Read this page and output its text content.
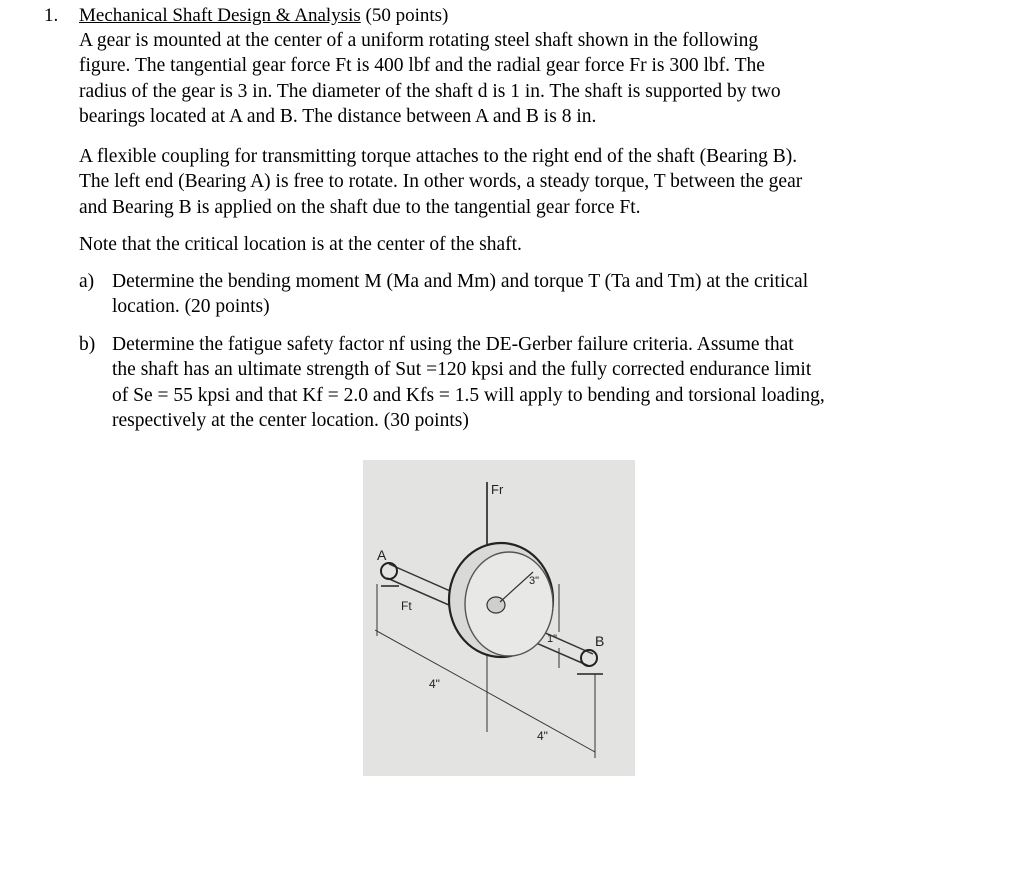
1. Mechanical Shaft Design & Analysis (50 points)
A gear is mounted at the center of a uniform rotating steel shaft shown in the following
figure. The tangential gear force Ft is 400 lbf and the radial gear force Fr is 300 lbf. The
radius of the gear is 3 in. The diameter of the shaft d is 1 in. The shaft is supported by two
bearings located at A and B. The distance between A and B is 8 in.
A flexible coupling for transmitting torque attaches to the right end of the shaft (Bearing B).
The left end (Bearing A) is free to rotate. In other words, a steady torque, T between the gear
and Bearing B is applied on the shaft due to the tangential gear force Ft.
Note that the critical location is at the center of the shaft.
a) Determine the bending moment M (Ma and Mm) and torque T (Ta and Tm) at the critical
location. (20 points)
b) Determine the fatigue safety factor nf using the DE-Gerber failure criteria. Assume that
the shaft has an ultimate strength of Sut =120 kpsi and the fully corrected endurance limit
of Se = 55 kpsi and that Kf = 2.0 and Kfs = 1.5 will apply to bending and torsional loading,
respectively at the center location. (30 points)
Fr
Ft
A
B
3"
1"
4"
4"
